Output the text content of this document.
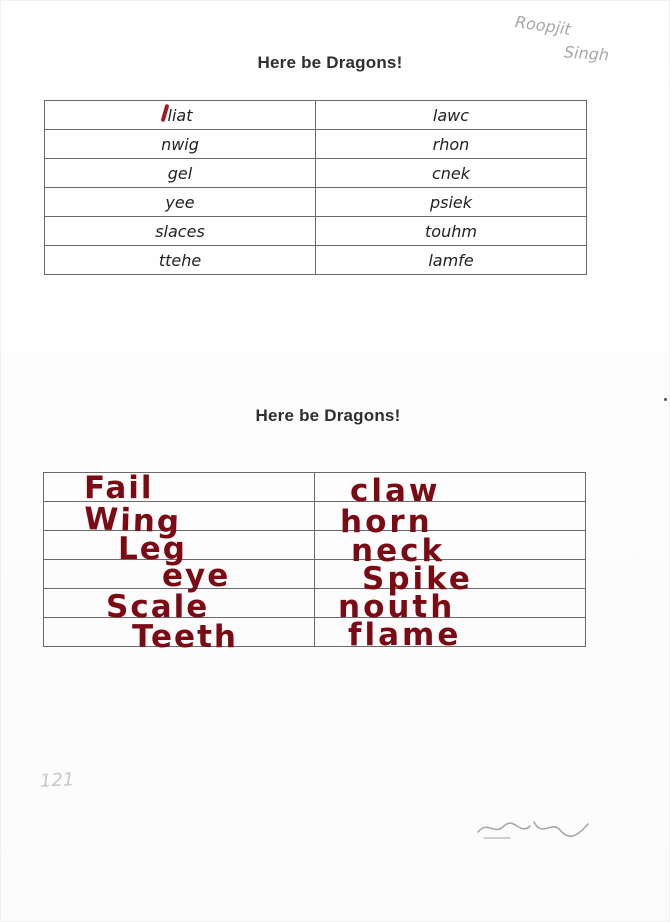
Here be Dragons!
liat	lawc
nwig	rhon
gel	cnek
yee	psiek
slaces	touhm
ttehe	lamfe
Here be Dragons!

Fail	claw
Wing	horn
Leg	neck
eye	Spike
Scale	nouth
Teeth	flame
Roopjit
Singh
121
